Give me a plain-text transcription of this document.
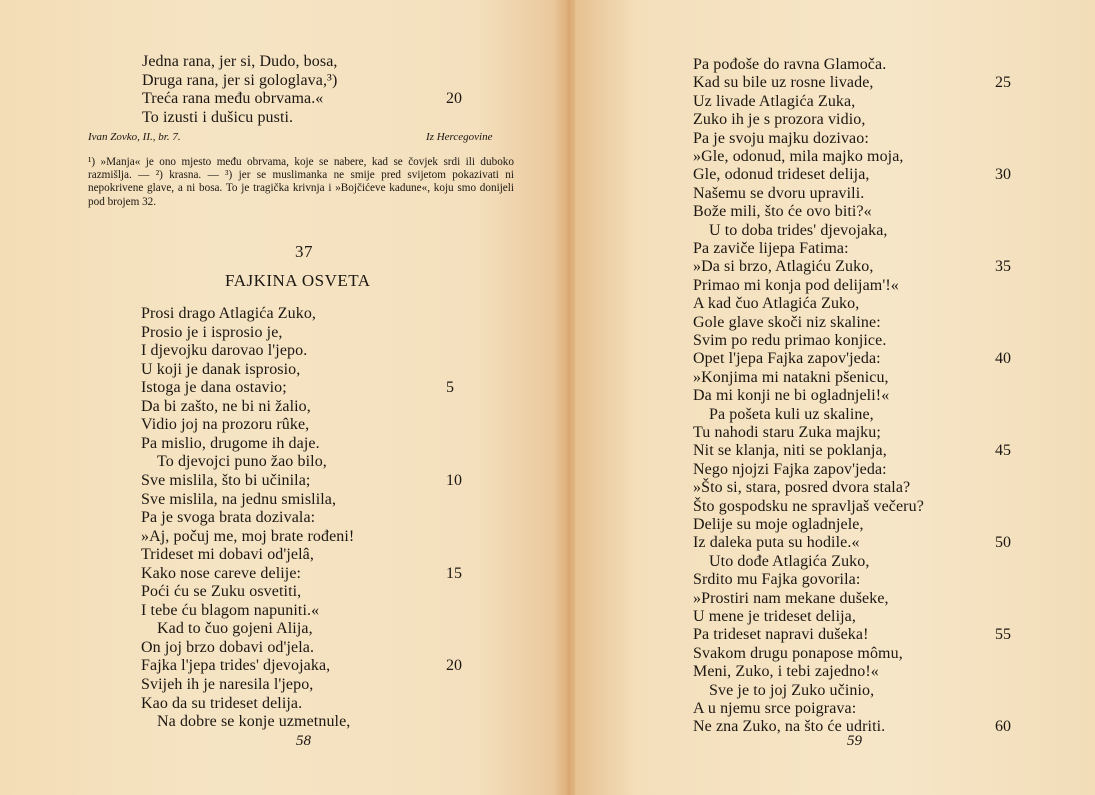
Jedna rana, jer si, Dudo, bosa,
Druga rana, jer si gologlava,³)
Treća rana među obrvama.«
To izusti i dušicu pusti.
20
Ivan Zovko, II., br. 7.	Iz Hercegovine
¹) »Manja« je ono mjesto među obrvama, koje se nabere, kad se čovjek srdi ili duboko razmišlja. — ²) krasna. — ³) jer se muslimanka ne smije pred svijetom pokazivati ni nepokrivene glave, a ni bosa. To je tragička krivnja i »Bojčićeve kadune«, koju smo donijeli pod brojem 32.
37
FAJKINA OSVETA
Prosi drago Atlagića Zuko,
Prosio je i isprosio je,
I djevojku darovao l'jepo.
U koji je danak isprosio,
Istoga je dana ostavio;
Da bi zašto, ne bi ni žalio,
Vidio joj na prozoru rûke,
Pa mislio, drugome ih daje.
To djevojci puno žao bilo,
Sve mislila, što bi učinila;
Sve mislila, na jednu smislila,
Pa je svoga brata dozivala:
»Aj, počuj me, moj brate rođeni!
Trideset mi dobavi od'jelâ,
Kako nose careve delije:
Poći ću se Zuku osvetiti,
I tebe ću blagom napuniti.«
Kad to čuo gojeni Alija,
On joj brzo dobavi od'jela.
Fajka l'jepa trides' djevojaka,
Svijeh ih je naresila l'jepo,
Kao da su trideset delija.
Na dobre se konje uzmetnule,
5
10
15
20
58
Pa pođoše do ravna Glamoča.
Kad su bile uz rosne livade,
Uz livade Atlagića Zuka,
Zuko ih je s prozora vidio,
Pa je svoju majku dozivao:
»Gle, odonud, mila majko moja,
Gle, odonud trideset delija,
Našemu se dvoru upravili.
Bože mili, što će ovo biti?«
U to doba trides' djevojaka,
Pa zaviče lijepa Fatima:
»Da si brzo, Atlagiću Zuko,
Primao mi konja pod delijam'!«
A kad čuo Atlagića Zuko,
Gole glave skoči niz skaline:
Svim po redu primao konjice.
Opet l'jepa Fajka zapov'jeda:
»Konjima mi natakni pšenicu,
Da mi konji ne bi ogladnjeli!«
Pa pošeta kuli uz skaline,
Tu nahodi staru Zuka majku;
Nit se klanja, niti se poklanja,
Nego njojzi Fajka zapov'jeda:
»Što si, stara, posred dvora stala?
Što gospodsku ne spravljaš večeru?
Delije su moje ogladnjele,
Iz daleka puta su hodile.«
Uto dođe Atlagića Zuko,
Srdito mu Fajka govorila:
»Prostiri nam mekane dušeke,
U mene je trideset delija,
Pa trideset napravi dušeka!
Svakom drugu ponapose mômu,
Meni, Zuko, i tebi zajedno!«
Sve je to joj Zuko učinio,
A u njemu srce poigrava:
Ne zna Zuko, na što će udriti.
25
30
35
40
45
50
55
60
59
